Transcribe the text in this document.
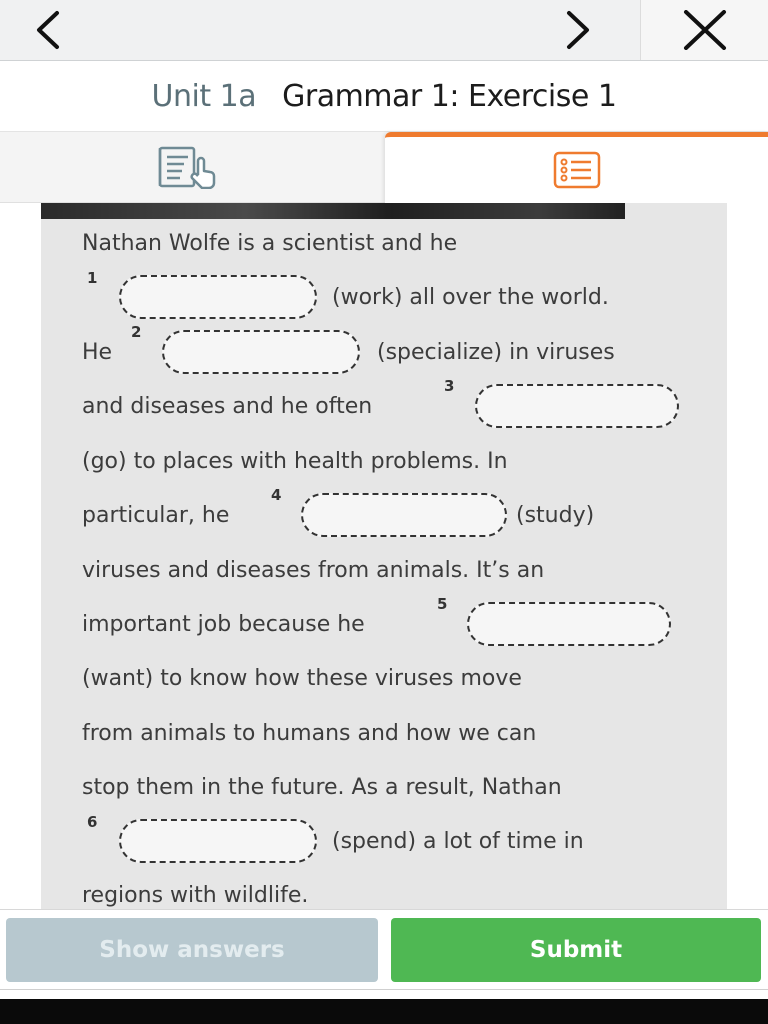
Unit 1a Grammar 1: Exercise 1
Nathan Wolfe is a scientist and he
1
(work) all over the world.
He
2
(specialize) in viruses
and diseases and he often
3
(go) to places with health problems. In
particular, he
4
(study)
viruses and diseases from animals. It’s an
important job because he
5
(want) to know how these viruses move
from animals to humans and how we can
stop them in the future. As a result, Nathan
6
(spend) a lot of time in
regions with wildlife.
Show answers	Submit
